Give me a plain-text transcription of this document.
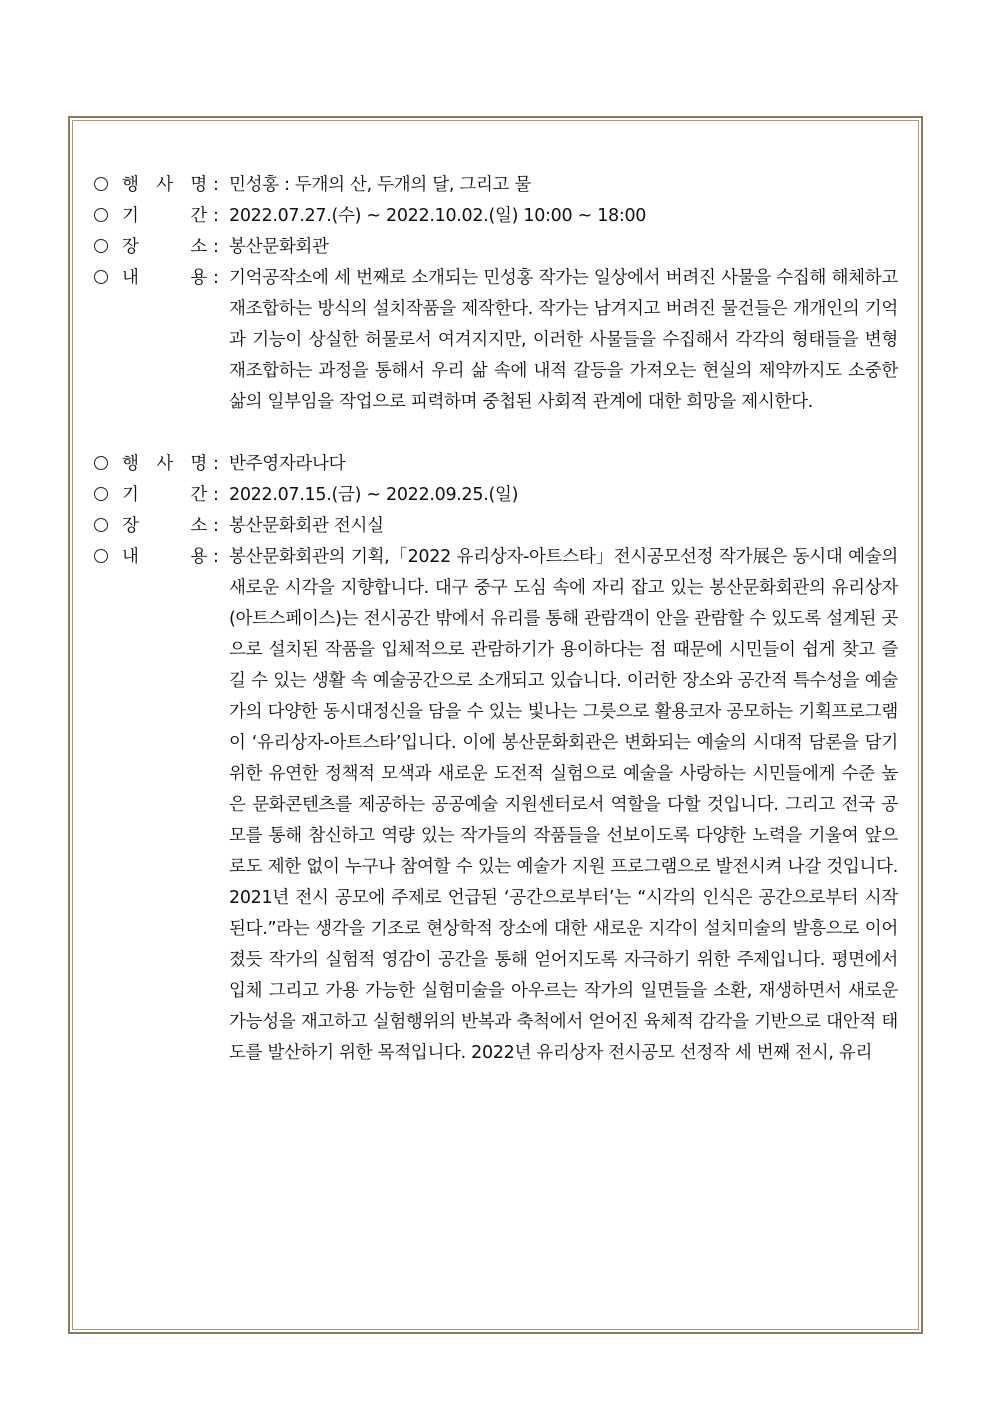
행 사 명 : 민성홍 : 두개의 산, 두개의 달, 그리고 물
기	간 : 2022.07.27.(수) ~ 2022.10.02.(일) 10:00 ~ 18:00
장	소 : 봉산문화회관
내	용 : 기억공작소에 세 번째로 소개되는 민성홍 작가는 일상에서 버려진 사물을 수집해 해체하고 재조합하는 방식의 설치작품을 제작한다. 작가는 남겨지고 버려진 물건들은 개개인의 기억과 기능이 상실한 허물로서 여겨지지만, 이러한 사물들을 수집해서 각각의 형태들을 변형 재조합하는 과정을 통해서 우리 삶 속에 내적 갈등을 가져오는 현실의 제약까지도 소중한 삶의 일부임을 작업으로 피력하며 중첩된 사회적 관계에 대한 희망을 제시한다.
행 사 명 : 반주영자라나다
기	간 : 2022.07.15.(금) ~ 2022.09.25.(일)
장	소 : 봉산문화회관 전시실
내	용 : 봉산문화회관의 기획,「2022 유리상자-아트스타」전시공모선정 작가展은 동시대 예술의 새로운 시각을 지향합니다. 대구 중구 도심 속에 자리 잡고 있는 봉산문화회관의 유리상자(아트스페이스)는 전시공간 밖에서 유리를 통해 관람객이 안을 관람할 수 있도록 설계된 곳으로 설치된 작품을 입체적으로 관람하기가 용이하다는 점 때문에 시민들이 쉽게 찾고 즐길 수 있는 생활 속 예술공간으로 소개되고 있습니다. 이러한 장소와 공간적 특수성을 예술가의 다양한 동시대정신을 담을 수 있는 빛나는 그릇으로 활용코자 공모하는 기획프로그램이 ‘유리상자-아트스타’입니다. 이에 봉산문화회관은 변화되는 예술의 시대적 담론을 담기 위한 유연한 정책적 모색과 새로운 도전적 실험으로 예술을 사랑하는 시민들에게 수준 높은 문화콘텐츠를 제공하는 공공예술 지원센터로서 역할을 다할 것입니다. 그리고 전국 공모를 통해 참신하고 역량 있는 작가들의 작품들을 선보이도록 다양한 노력을 기울여 앞으로도 제한 없이 누구나 참여할 수 있는 예술가 지원 프로그램으로 발전시켜 나갈 것입니다. 2021년 전시 공모에 주제로 언급된 ‘공간으로부터’는 “시각의 인식은 공간으로부터 시작된다.”라는 생각을 기조로 현상학적 장소에 대한 새로운 지각이 설치미술의 발흥으로 이어졌듯 작가의 실험적 영감이 공간을 통해 얻어지도록 자극하기 위한 주제입니다. 평면에서 입체 그리고 가용 가능한 실험미술을 아우르는 작가의 일면들을 소환, 재생하면서 새로운 가능성을 재고하고 실험행위의 반복과 축척에서 얻어진 육체적 감각을 기반으로 대안적 태도를 발산하기 위한 목적입니다. 2022년 유리상자 전시공모 선정작 세 번째 전시, 유리
